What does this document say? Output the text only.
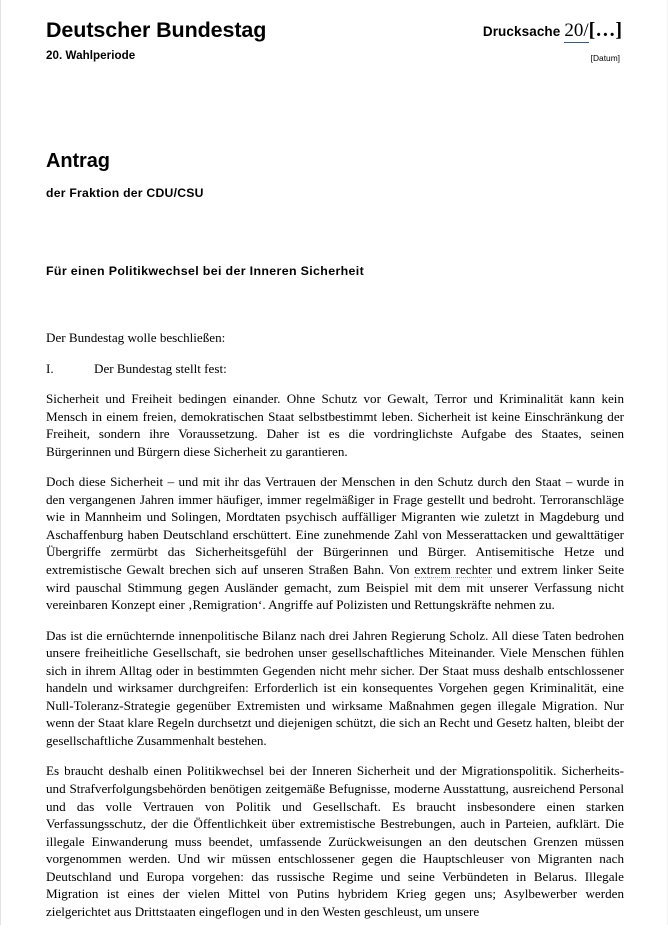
Deutscher Bundestag
20. Wahlperiode
Drucksache 20/[…]
[Datum]
Antrag
der Fraktion der CDU/CSU
Für einen Politikwechsel bei der Inneren Sicherheit

Der Bundestag wolle beschließen:

I.	Der Bundestag stellt fest:

Sicherheit und Freiheit bedingen einander. Ohne Schutz vor Gewalt, Terror und Kriminalität kann kein Mensch in einem freien, demokratischen Staat selbstbestimmt leben. Sicherheit ist keine Einschränkung der Freiheit, sondern ihre Voraussetzung. Daher ist es die vordringlichste Aufgabe des Staates, seinen Bürgerinnen und Bürgern diese Sicherheit zu garantieren.

Doch diese Sicherheit – und mit ihr das Vertrauen der Menschen in den Schutz durch den Staat – wurde in den vergangenen Jahren immer häufiger, immer regelmäßiger in Frage gestellt und bedroht. Terroranschläge wie in Mannheim und Solingen, Mordtaten psychisch auffälliger Migranten wie zuletzt in Magdeburg und Aschaffenburg haben Deutschland erschüttert. Eine zunehmende Zahl von Messerattacken und gewalttätiger Übergriffe zermürbt das Sicherheitsgefühl der Bürgerinnen und Bürger. Antisemitische Hetze und extremistische Gewalt brechen sich auf unseren Straßen Bahn. Von extrem rechter und extrem linker Seite wird pauschal Stimmung gegen Ausländer gemacht, zum Beispiel mit dem mit unserer Verfassung nicht vereinbaren Konzept einer ‚Remigration‘. Angriffe auf Polizisten und Rettungskräfte nehmen zu.

Das ist die ernüchternde innenpolitische Bilanz nach drei Jahren Regierung Scholz. All diese Taten bedrohen unsere freiheitliche Gesellschaft, sie bedrohen unser gesellschaftliches Miteinander. Viele Menschen fühlen sich in ihrem Alltag oder in bestimmten Gegenden nicht mehr sicher. Der Staat muss deshalb entschlossener handeln und wirksamer durchgreifen: Erforderlich ist ein konsequentes Vorgehen gegen Kriminalität, eine Null-Toleranz-Strategie gegenüber Extremisten und wirksame Maßnahmen gegen illegale Migration. Nur wenn der Staat klare Regeln durchsetzt und diejenigen schützt, die sich an Recht und Gesetz halten, bleibt der gesellschaftliche Zusammenhalt bestehen.

Es braucht deshalb einen Politikwechsel bei der Inneren Sicherheit und der Migrationspolitik. Sicherheits- und Strafverfolgungsbehörden benötigen zeitgemäße Befugnisse, moderne Ausstattung, ausreichend Personal und das volle Vertrauen von Politik und Gesellschaft. Es braucht insbesondere einen starken Verfassungsschutz, der die Öffentlichkeit über extremistische Bestrebungen, auch in Parteien, aufklärt. Die illegale Einwanderung muss beendet, umfassende Zurückweisungen an den deutschen Grenzen müssen vorgenommen werden. Und wir müssen entschlossener gegen die Hauptschleuser von Migranten nach Deutschland und Europa vorgehen: das russische Regime und seine Verbündeten in Belarus. Illegale Migration ist eines der vielen Mittel von Putins hybridem Krieg gegen uns; Asylbewerber werden zielgerichtet aus Drittstaaten eingeflogen und in den Westen geschleust, um unsere
